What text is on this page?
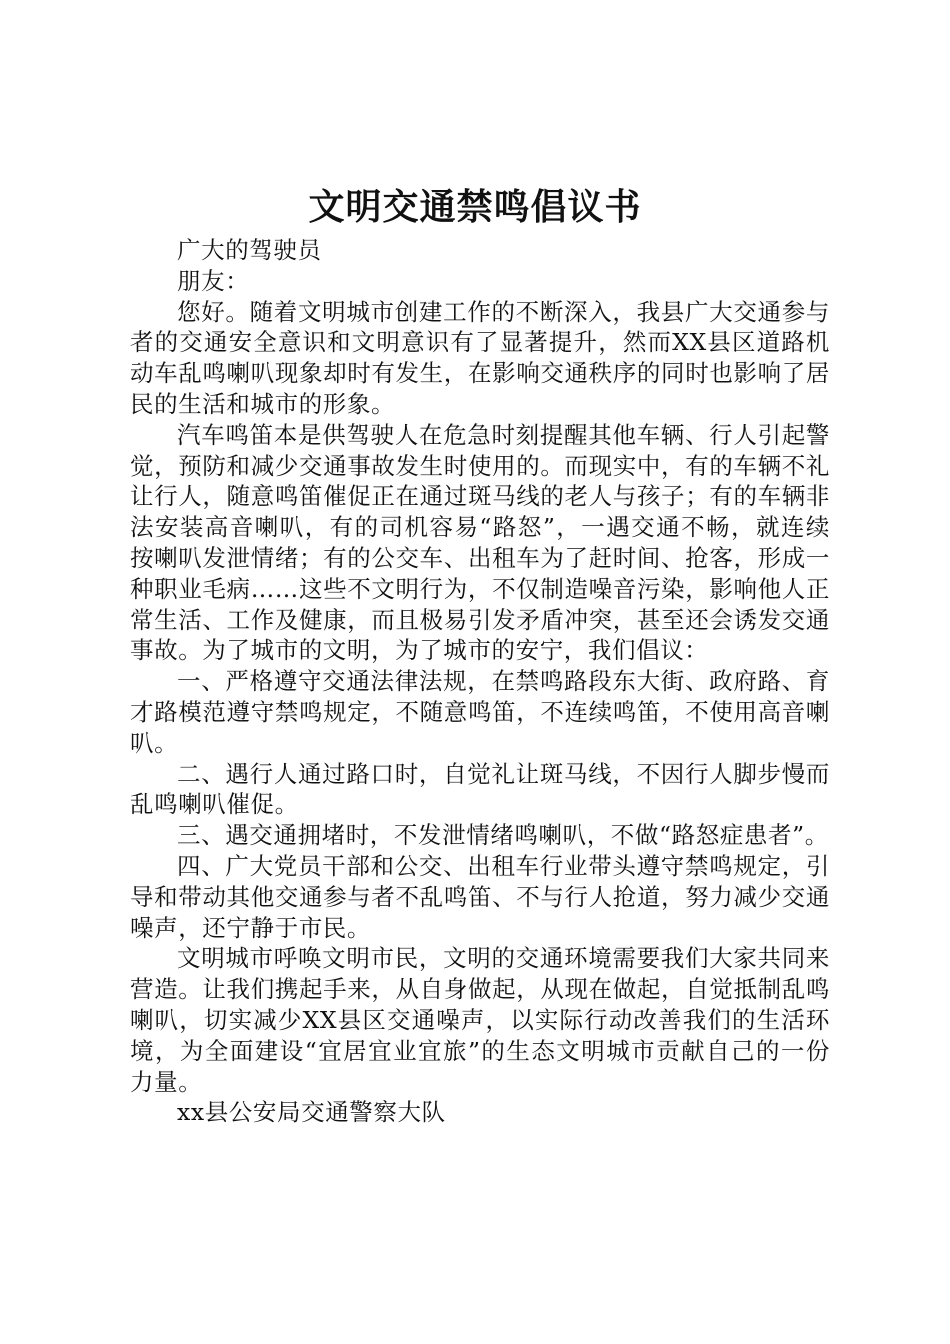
文明交通禁鸣倡议书

广大的驾驶员

朋友：

您好。随着文明城市创建工作的不断深入，我县广大交通参与者的交通安全意识和文明意识有了显著提升，然而XX县区道路机动车乱鸣喇叭现象却时有发生，在影响交通秩序的同时也影响了居民的生活和城市的形象。

汽车鸣笛本是供驾驶人在危急时刻提醒其他车辆、行人引起警觉，预防和减少交通事故发生时使用的。而现实中，有的车辆不礼让行人，随意鸣笛催促正在通过斑马线的老人与孩子；有的车辆非法安装高音喇叭，有的司机容易“路怒”，一遇交通不畅，就连续按喇叭发泄情绪；有的公交车、出租车为了赶时间、抢客，形成一种职业毛病……这些不文明行为，不仅制造噪音污染，影响他人正常生活、工作及健康，而且极易引发矛盾冲突，甚至还会诱发交通事故。为了城市的文明，为了城市的安宁，我们倡议：

一、严格遵守交通法律法规，在禁鸣路段东大街、政府路、育才路模范遵守禁鸣规定，不随意鸣笛，不连续鸣笛，不使用高音喇叭。

二、遇行人通过路口时，自觉礼让斑马线，不因行人脚步慢而乱鸣喇叭催促。

三、遇交通拥堵时，不发泄情绪鸣喇叭，不做“路怒症患者”。

四、广大党员干部和公交、出租车行业带头遵守禁鸣规定，引导和带动其他交通参与者不乱鸣笛、不与行人抢道，努力减少交通噪声，还宁静于市民。

文明城市呼唤文明市民，文明的交通环境需要我们大家共同来营造。让我们携起手来，从自身做起，从现在做起，自觉抵制乱鸣喇叭，切实减少XX县区交通噪声，以实际行动改善我们的生活环境，为全面建设“宜居宜业宜旅”的生态文明城市贡献自己的一份力量。

xx县公安局交通警察大队
